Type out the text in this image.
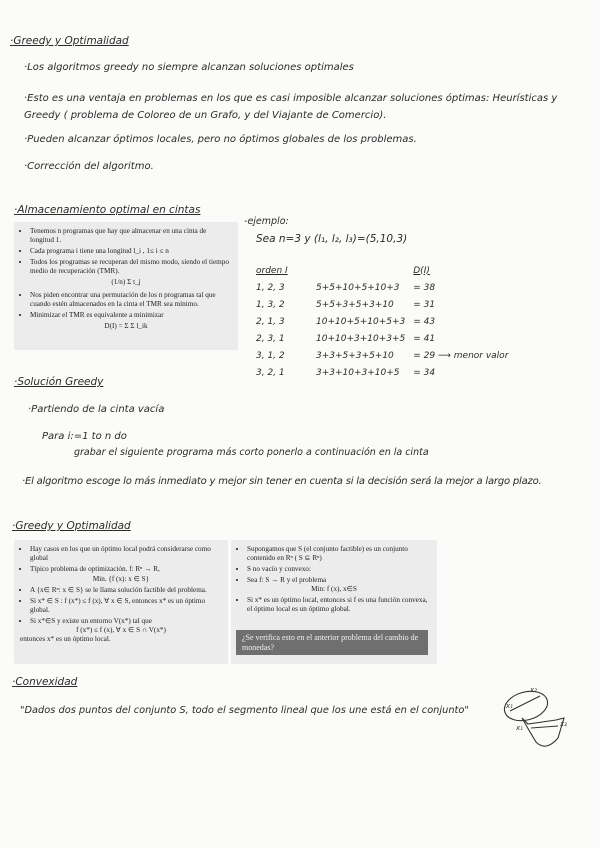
·Greedy y Optimalidad
·Los algoritmos greedy no siempre alcanzan soluciones optimales
·Esto es una ventaja en problemas en los que es casi imposible alcanzar soluciones óptimas: Heurísticas y Greedy ( problema de Coloreo de un Grafo, y del Viajante de Comercio).
·Pueden alcanzar óptimos locales, pero no óptimos globales de los problemas.
·Corrección del algoritmo.
·Almacenamiento optimal en cintas
• Tenemos n programas que hay que almacenar en una cinta de longitud 1.
• Cada programa i tiene una longitud l_i , 1≤ i ≤ n
• Todos los programas se recuperan del mismo modo, siendo el tiempo medio de recuperación (TMR).
(1/n) Σ t_j
• Nos piden encontrar una permutación de los n programas tal que cuando estén almacenados en la cinta el TMR sea mínimo.
• Minimizar el TMR es equivalente a minimizar
D(I) = Σ Σ l_ik
-ejemplo:
Sea n=3 y (l₁, l₂, l₃)=(5,10,3)
orden I		D(I)
1, 2, 3	5+5+10+5+10+3	= 38
1, 3, 2	5+5+3+5+3+10	= 31
2, 1, 3	10+10+5+10+5+3	= 43
2, 3, 1	10+10+3+10+3+5	= 41
3, 1, 2	3+3+5+3+5+10	= 29 ⟶ menor valor
3, 2, 1	3+3+10+3+10+5	= 34
·Solución Greedy
·Partiendo de la cinta vacía
Para i:=1 to n do
grabar el siguiente programa más corto ponerlo a continuación en la cinta
·El algoritmo escoge lo más inmediato y mejor sin tener en cuenta si la decisión será la mejor a largo plazo.
·Greedy y Optimalidad
• Hay casos en los que un óptimo local podrá considerarse como global
• Típico problema de optimización. f: Rⁿ → R,
Min. {f (x): x ∈ S}
• A {x∈ Rⁿ: x ∈ S} se le llama solución factible del problema.
• Si x* ∈ S : f (x*) ≤ f (x), ∀ x ∈ S, entonces x* es un óptimo global.
• Si x*∈S y existe un entorno V(x*) tal que
f (x*) ≤ f (x), ∀ x ∈ S ∩ V(x*)
entonces x* es un óptimo local.
• Supongamos que S (el conjunto factible) es un conjunto contenido en Rⁿ ( S ⊆ Rⁿ)
• S no vacío y convexo:
• Sea f: S → R y el problema
Min: f (x), x∈S
• Si x* es un óptimo local, entonces si f es una función convexa, el óptimo local es un óptimo global.
¿Se verifica esto en el anterior problema del cambio de monedas?
·Convexidad
"Dados dos puntos del conjunto S, todo el segmento lineal que los une está en el conjunto"	x₁
x₂
x₁	x₂
